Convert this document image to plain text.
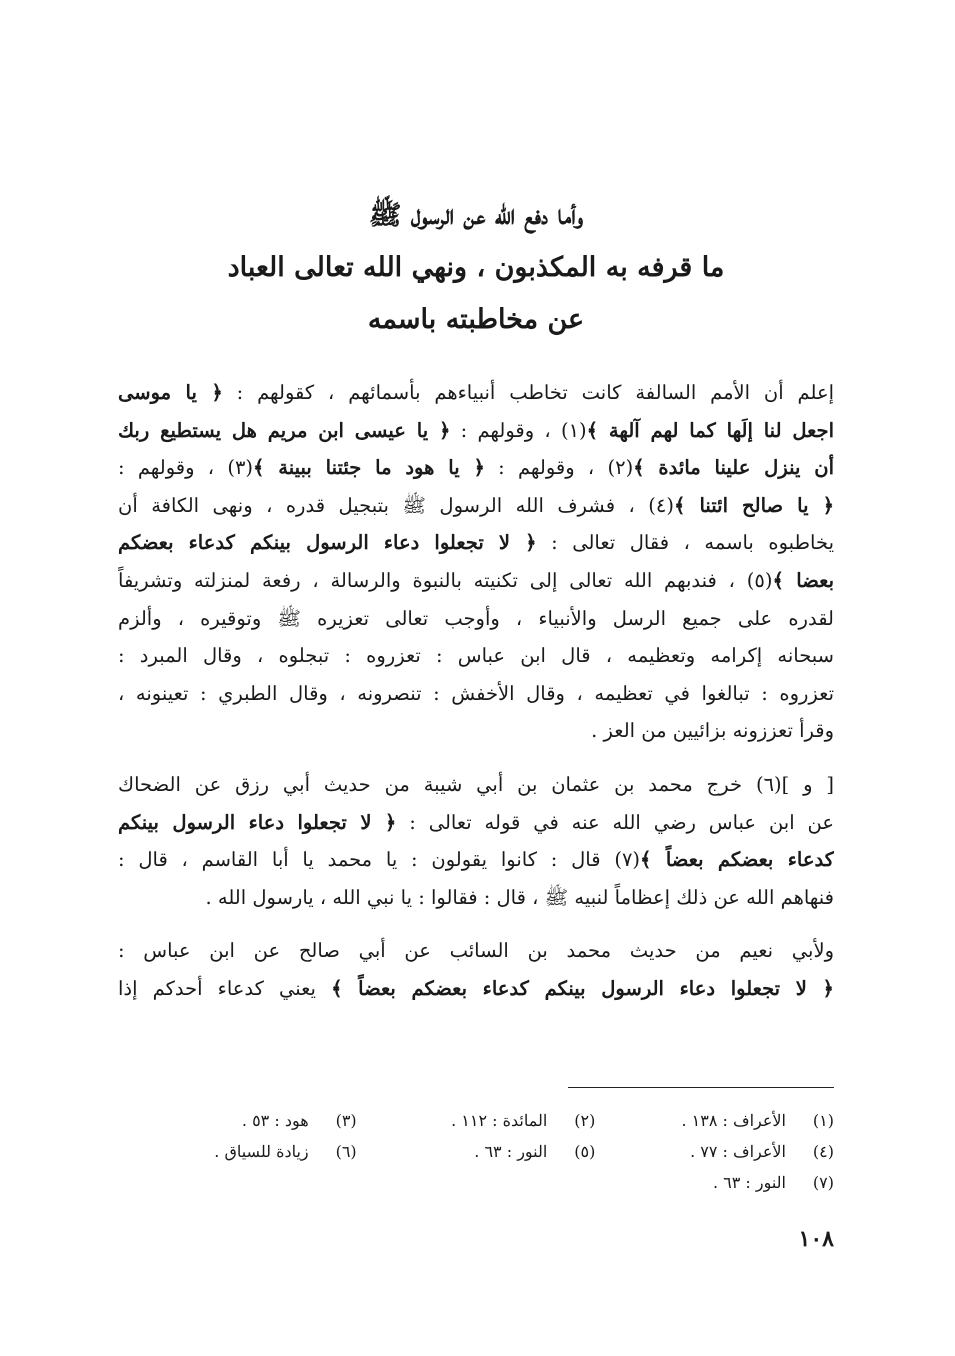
وأما دفع الله عن الرسول ﷺ
ما قرفه به المكذبون ، ونهي الله تعالى العباد
عن مخاطبته باسمه
إعلم أن الأمم السالفة كانت تخاطب أنبياءهم بأسمائهم ، كقولهم : ﴿ يا موسى
اجعل لنا إلَها كما لهم آلهة ﴾(١) ، وقولهم : ﴿ يا عيسى ابن مريم هل يستطيع ربك
أن ينزل علينا مائدة ﴾(٢) ، وقولهم : ﴿ يا هود ما جئتنا ببينة ﴾(٣) ، وقولهم :
﴿ يا صالح ائتنا ﴾(٤) ، فشرف الله الرسول ﷺ بتبجيل قدره ، ونهى الكافة أن
يخاطبوه باسمه ، فقال تعالى : ﴿ لا تجعلوا دعاء الرسول بينكم كدعاء بعضكم
بعضا ﴾(٥) ، فندبهم الله تعالى إلى تكنيته بالنبوة والرسالة ، رفعة لمنزلته وتشريفاً
لقدره على جميع الرسل والأنبياء ، وأوجب تعالى تعزيره ﷺ وتوقيره ، وألزم
سبحانه إكرامه وتعظيمه ، قال ابن عباس : تعزروه : تبجلوه ، وقال المبرد :
تعزروه : تبالغوا في تعظيمه ، وقال الأخفش : تنصرونه ، وقال الطبري : تعينونه ،
وقرأ تعززونه بزائيين من العز .
[ و ](٦) خرج محمد بن عثمان بن أبي شيبة من حديث أبي رزق عن الضحاك
عن ابن عباس رضي الله عنه في قوله تعالى : ﴿ لا تجعلوا دعاء الرسول بينكم
كدعاء بعضكم بعضاً ﴾(٧) قال : كانوا يقولون : يا محمد يا أبا القاسم ، قال :
فنهاهم الله عن ذلك إعظاماً لنبيه ﷺ ، قال : فقالوا : يا نبي الله ، يارسول الله .
ولأبي نعيم من حديث محمد بن السائب عن أبي صالح عن ابن عباس :
﴿ لا تجعلوا دعاء الرسول بينكم كدعاء بعضكم بعضاً ﴾ يعني كدعاء أحدكم إذا
(١)الأعراف : ١٣٨ .
(٢)المائدة : ١١٢ .
(٣)هود : ٥٣ .
(٤)الأعراف : ٧٧ .
(٥)النور : ٦٣ .
(٦)زيادة للسياق .
(٧)النور : ٦٣ .
١٠٨
